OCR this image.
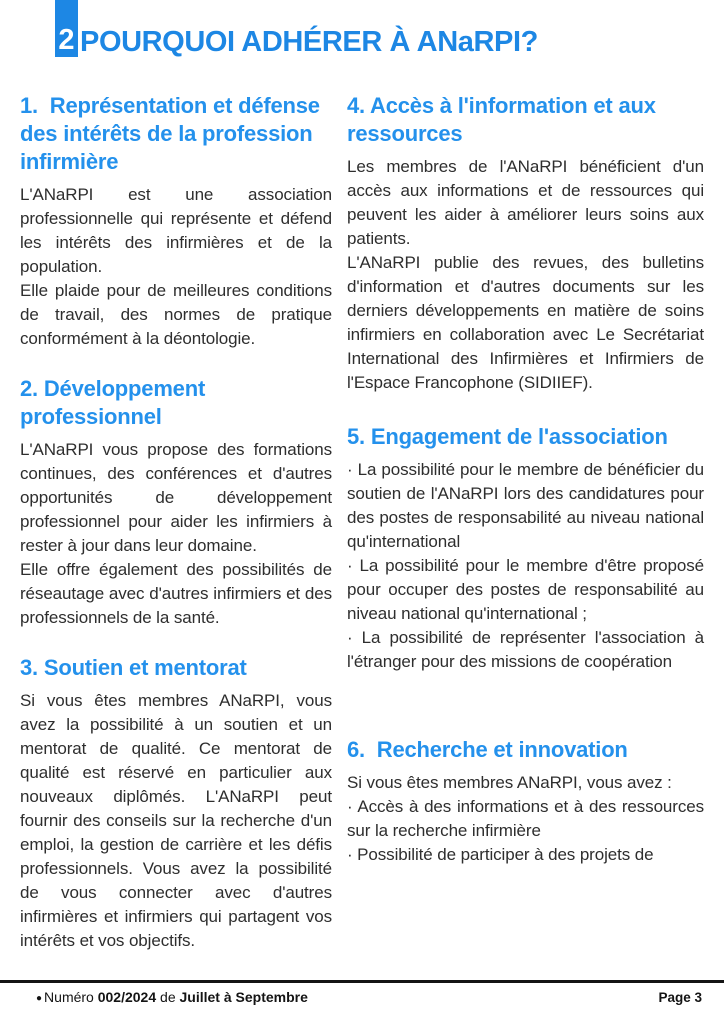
2 POURQUOI ADHÉRER À ANaRPI?
1.  Représentation et défense des intérêts de la profession infirmière

L'ANaRPI est une association professionnelle qui représente et défend les intérêts des infirmières et de la population.

Elle plaide pour de meilleures conditions de travail, des normes de pratique conformément à la déontologie.

2. Développement professionnel

L'ANaRPI vous propose des formations continues, des conférences et d'autres opportunités de développement professionnel pour aider les infirmiers à rester à jour dans leur domaine.

Elle offre également des possibilités de réseautage avec d'autres infirmiers et des professionnels de la santé.

3. Soutien et mentorat

Si vous êtes membres ANaRPI, vous avez la possibilité à un soutien et un mentorat de qualité. Ce mentorat de qualité est réservé en particulier aux nouveaux diplômés. L'ANaRPI peut fournir des conseils sur la recherche d'un emploi, la gestion de carrière et les défis professionnels. Vous avez la possibilité de vous connecter avec d'autres infirmières et infirmiers qui partagent vos intérêts et vos objectifs.

4. Accès à l'information et aux ressources

Les membres de l'ANaRPI bénéficient d'un accès aux informations et de ressources qui peuvent les aider à améliorer leurs soins aux patients.

L'ANaRPI publie des revues, des bulletins d'information et d'autres documents sur les derniers développements en matière de soins infirmiers en collaboration avec Le Secrétariat International des Infirmières et Infirmiers de l'Espace Francophone (SIDIIEF).

5. Engagement de l'association

· La possibilité pour le membre de bénéficier du soutien de l'ANaRPI lors des candidatures pour des postes de responsabilité au niveau national qu'international

· La possibilité pour le membre d'être proposé pour occuper des postes de responsabilité au niveau national qu'international ;

· La possibilité de représenter l'association à l'étranger pour des missions de coopération

6.  Recherche et innovation

Si vous êtes membres ANaRPI, vous avez :

· Accès à des informations et à des ressources sur la recherche infirmière

· Possibilité de participer à des projets de

● Numéro 002/2024 de Juillet à Septembre	Page 3
